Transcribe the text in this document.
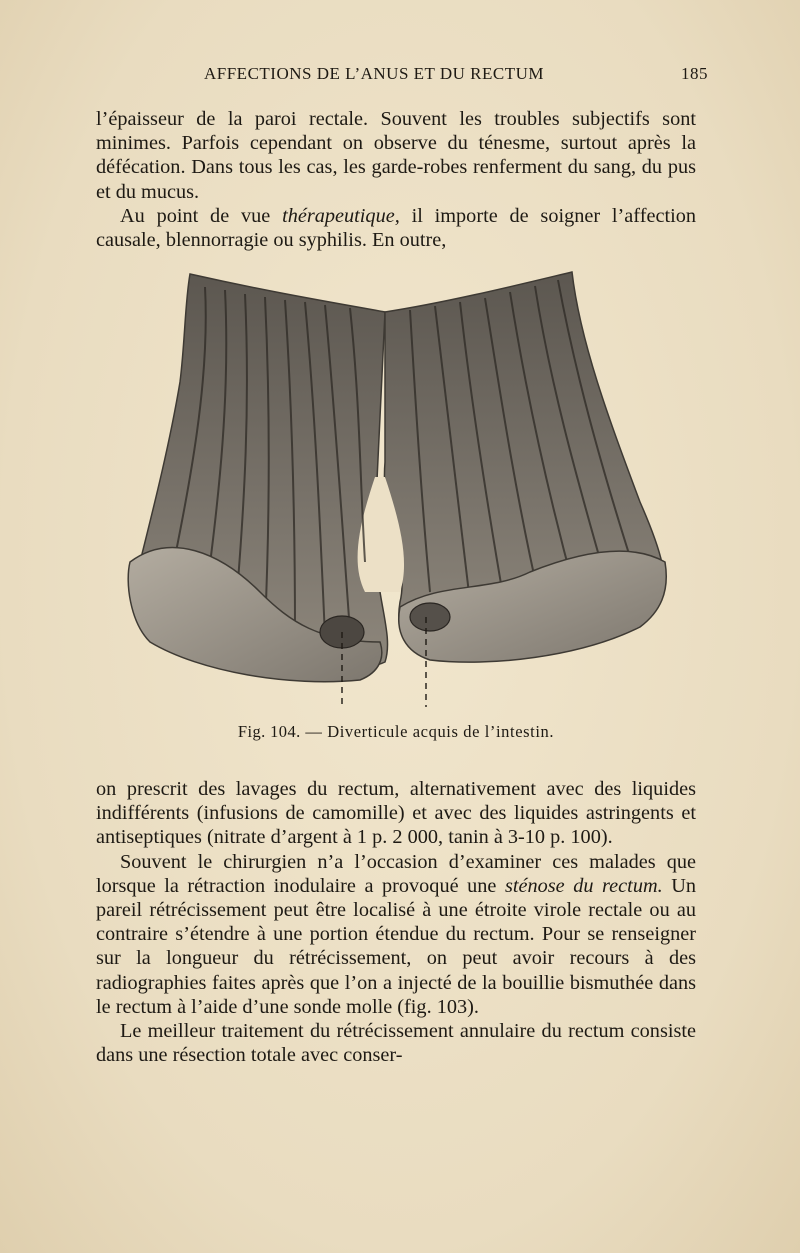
AFFECTIONS DE L’ANUS ET DU RECTUM	185

l’épaisseur de la paroi rectale. Souvent les troubles subjectifs sont minimes. Parfois cependant on observe du ténesme, surtout après la défécation. Dans tous les cas, les garde-robes renferment du sang, du pus et du mucus.

Au point de vue thérapeutique, il importe de soigner l’affection causale, blennorragie ou syphilis. En outre,

Fig. 104. — Diverticule acquis de l’intestin.

on prescrit des lavages du rectum, alternativement avec des liquides indifférents (infusions de camomille) et avec des liquides astringents et antiseptiques (nitrate d’argent à 1 p. 2 000, tanin à 3-10 p. 100).

Souvent le chirurgien n’a l’occasion d’examiner ces malades que lorsque la rétraction inodulaire a provoqué une sténose du rectum. Un pareil rétrécissement peut être localisé à une étroite virole rectale ou au contraire s’étendre à une portion étendue du rectum. Pour se renseigner sur la longueur du rétrécissement, on peut avoir recours à des radiographies faites après que l’on a injecté de la bouillie bismuthée dans le rectum à l’aide d’une sonde molle (fig. 103).

Le meilleur traitement du rétrécissement annulaire du rectum consiste dans une résection totale avec conser-
